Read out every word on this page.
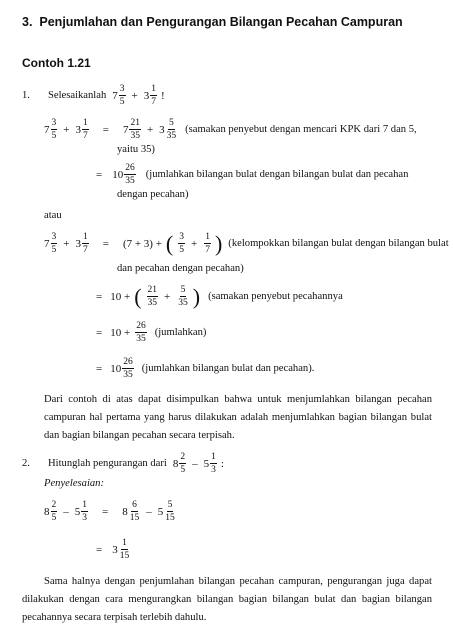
3. Penjumlahan dan Pengurangan Bilangan Pecahan Campuran
Contoh 1.21
1.	Selesaikanlah $7 \frac{3}{5} + 3 \frac{1}{7}$ !
$7 \frac{3}{5} + 3 \frac{1}{7} = 7 \frac{21}{35} + 3 \frac{5}{35}$ (samakan penyebut dengan mencari KPK dari 7 dan 5,
yaitu 35)
= $10 \frac{26}{35}$ (jumlahkan bilangan bulat dengan bilangan bulat dan pecahan
dengan pecahan)
atau
$7 \frac{3}{5} + 3 \frac{1}{7} = (7 + 3)$ + ( $\frac{3}{5} + \frac{1}{7}$ ) (kelompokkan bilangan bulat dengan bilangan bulat
dan pecahan dengan pecahan)
= 10 + ( $\frac{21}{35} + \frac{5}{35}$ ) (samakan penyebut pecahannya
= $10 + \frac{26}{35}$ (jumlahkan)
= $10 \frac{26}{35}$ (jumlahkan bilangan bulat dan pecahan).
Dari contoh di atas dapat disimpulkan bahwa untuk menjumlahkan bilangan pecahan campuran hal pertama yang harus dilakukan adalah menjumlahkan bagian bilangan bulat dan bagian bilangan pecahan secara terpisah.
2.	Hitunglah pengurangan dari $8 \frac{2}{5} - 5 \frac{1}{3}$ :
Penyelesaian:
$8 \frac{2}{5} - 5 \frac{1}{3} = 8 \frac{6}{15} - 5 \frac{5}{15}$
= $3 \frac{1}{15}$
Sama halnya dengan penjumlahan bilangan pecahan campuran, pengurangan juga dapat dilakukan dengan cara mengurangkan bilangan bagian bilangan bulat dan bagian bilangan pecahannya secara terpisah terlebih dahulu.
